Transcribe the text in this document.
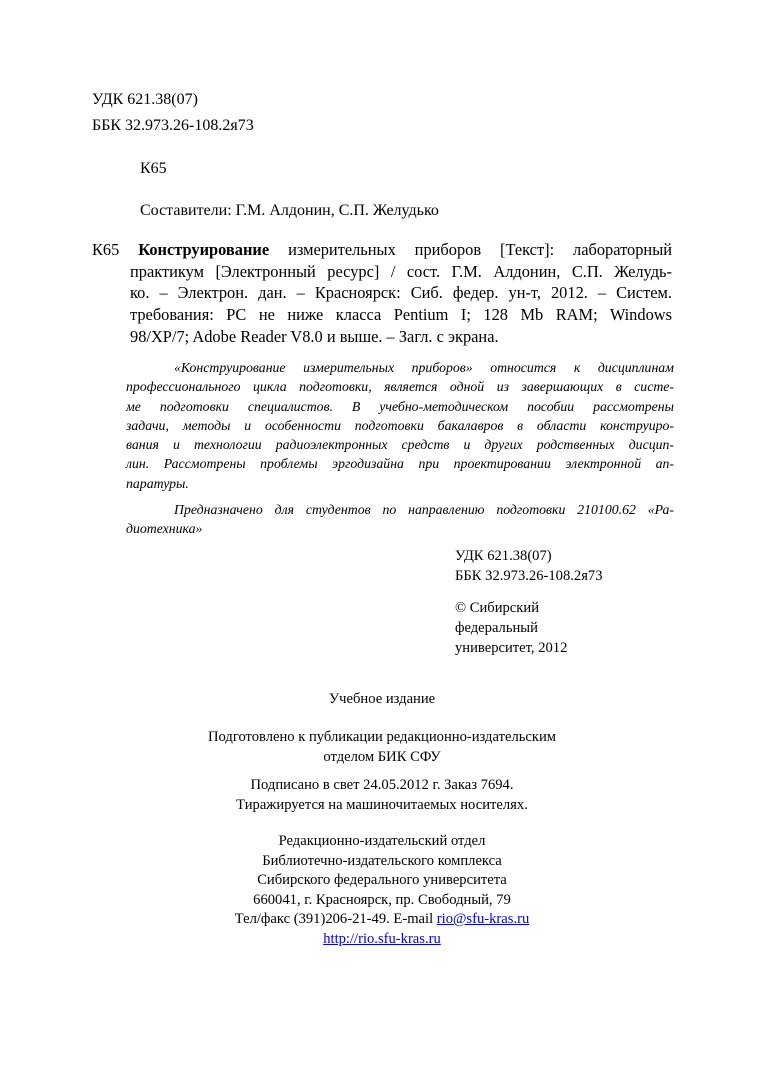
УДК 621.38(07)
ББК 32.973.26-108.2я73
К65
Составители: Г.М. Алдонин, С.П. Желудько
К65 Конструирование измерительных приборов [Текст]: лабораторный
практикум [Электронный ресурс] / сост. Г.М. Алдонин, С.П. Желудь-
ко. – Электрон. дан. – Красноярск: Сиб. федер. ун-т, 2012. – Систем.
требования: PC не ниже класса Pentium I; 128 Mb RAM; Windows
98/XP/7; Adobe Reader V8.0 и выше. – Загл. с экрана.
«Конструирование измерительных приборов» относится к дисциплинам
профессионального цикла подготовки, является одной из завершающих в систе-
ме подготовки специалистов. В учебно-методическом пособии рассмотрены
задачи, методы и особенности подготовки бакалавров в области конструиро-
вания и технологии радиоэлектронных средств и других родственных дисцип-
лин. Рассмотрены проблемы эргодизайна при проектировании электронной ап-
паратуры.
Предназначено для студентов по направлению подготовки 210100.62 «Ра-
диотехника»
УДК 621.38(07)
ББК 32.973.26-108.2я73
© Сибирский
федеральный
университет, 2012
Учебное издание
Подготовлено к публикации редакционно-издательским
отделом БИК СФУ
Подписано в свет 24.05.2012 г. Заказ 7694.
Тиражируется на машиночитаемых носителях.
Редакционно-издательский отдел
Библиотечно-издательского комплекса
Сибирского федерального университета
660041, г. Красноярск, пр. Свободный, 79
Тел/факс (391)206-21-49. E-mail rio@sfu-kras.ru
http://rio.sfu-kras.ru
